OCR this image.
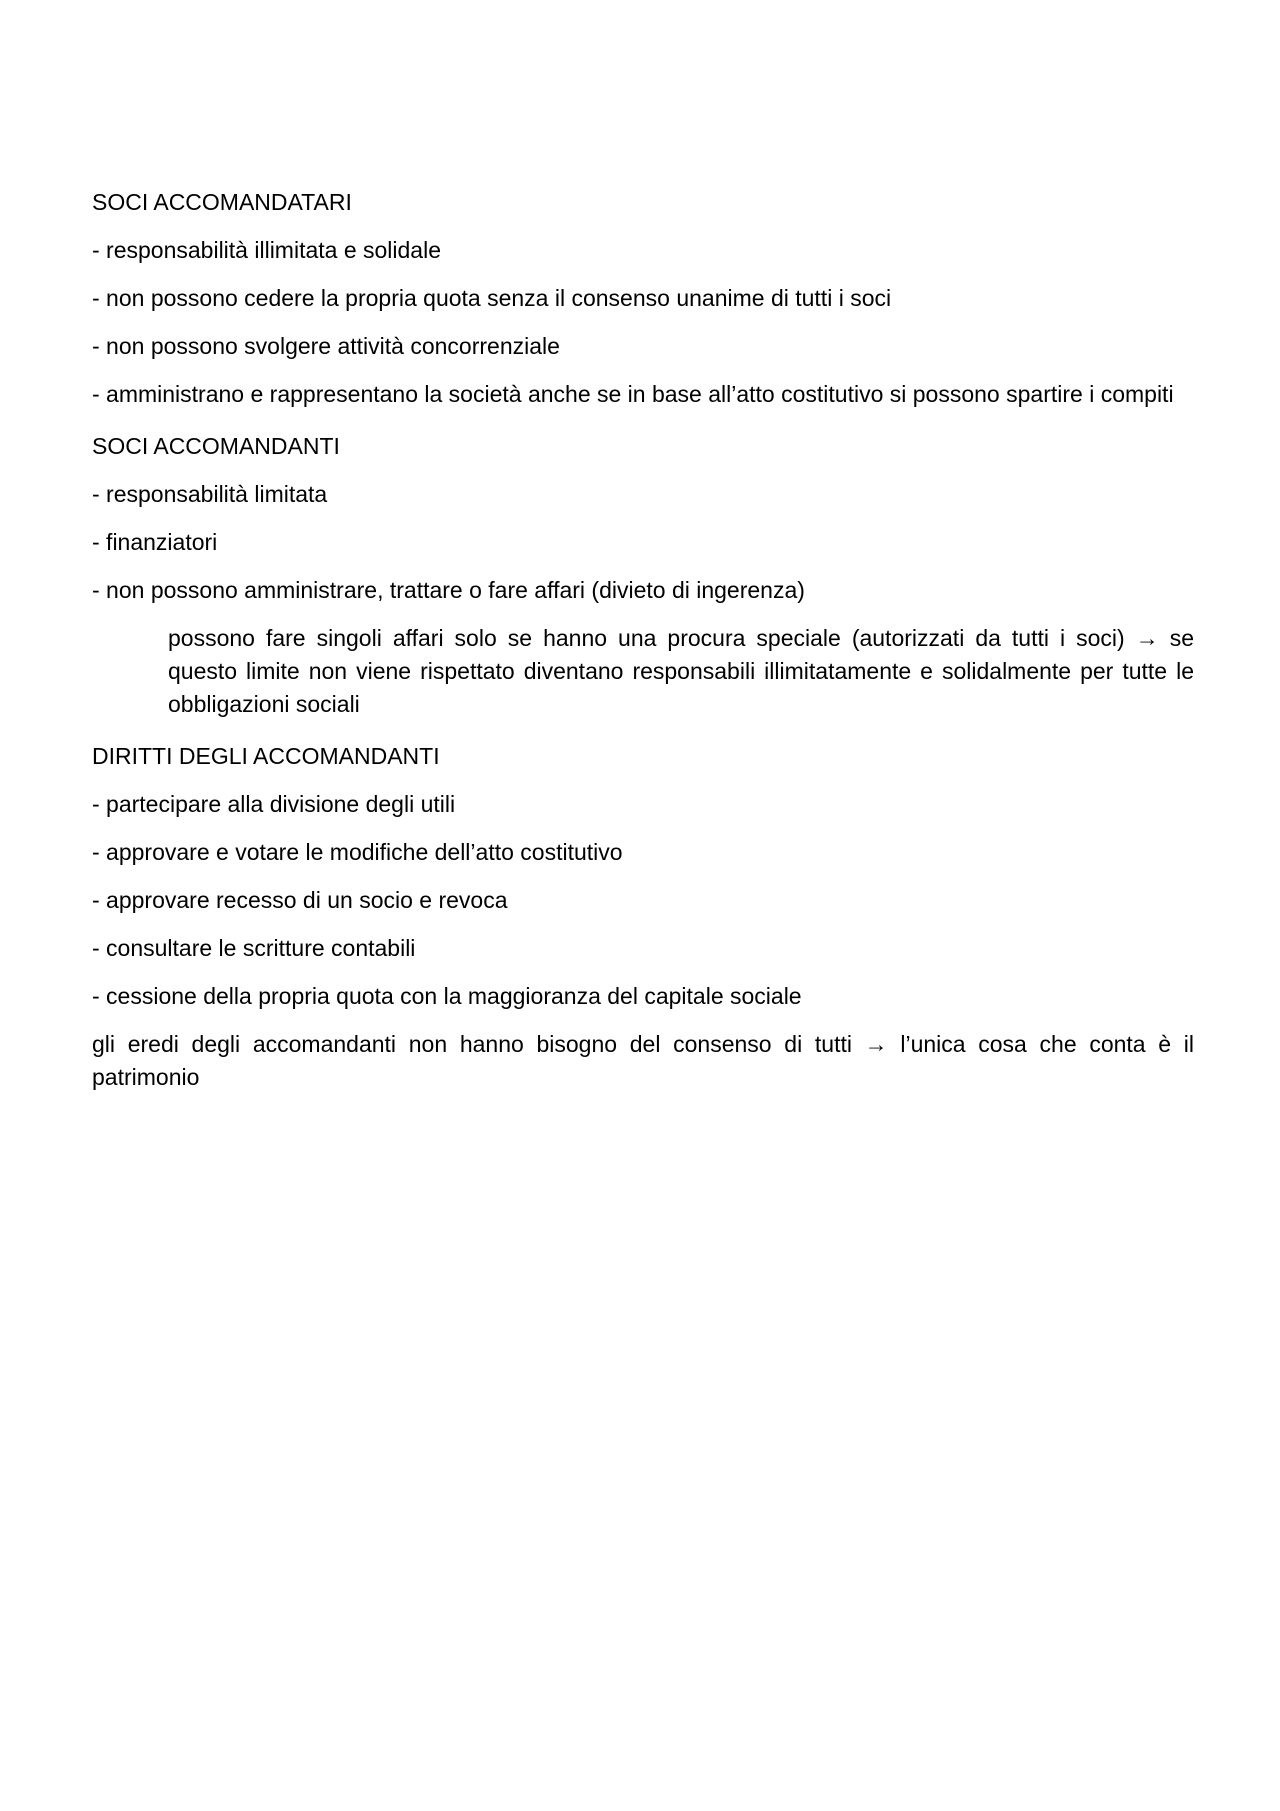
SOCI ACCOMANDATARI

- responsabilità illimitata e solidale

- non possono cedere la propria quota senza il consenso unanime di tutti i soci

- non possono svolgere attività concorrenziale

- amministrano e rappresentano la società anche se in base all’atto costitutivo si possono spartire i compiti

SOCI ACCOMANDANTI

- responsabilità limitata

- finanziatori

- non possono amministrare, trattare o fare affari (divieto di ingerenza)

possono fare singoli affari solo se hanno una procura speciale (autorizzati da tutti i soci) → se questo limite non viene rispettato diventano responsabili illimitatamente e solidalmente per tutte le obbligazioni sociali

DIRITTI DEGLI ACCOMANDANTI

- partecipare alla divisione degli utili

- approvare e votare le modifiche dell’atto costitutivo

- approvare recesso di un socio e revoca

- consultare le scritture contabili

- cessione della propria quota con la maggioranza del capitale sociale

gli eredi degli accomandanti non hanno bisogno del consenso di tutti → l’unica cosa che conta è il patrimonio
